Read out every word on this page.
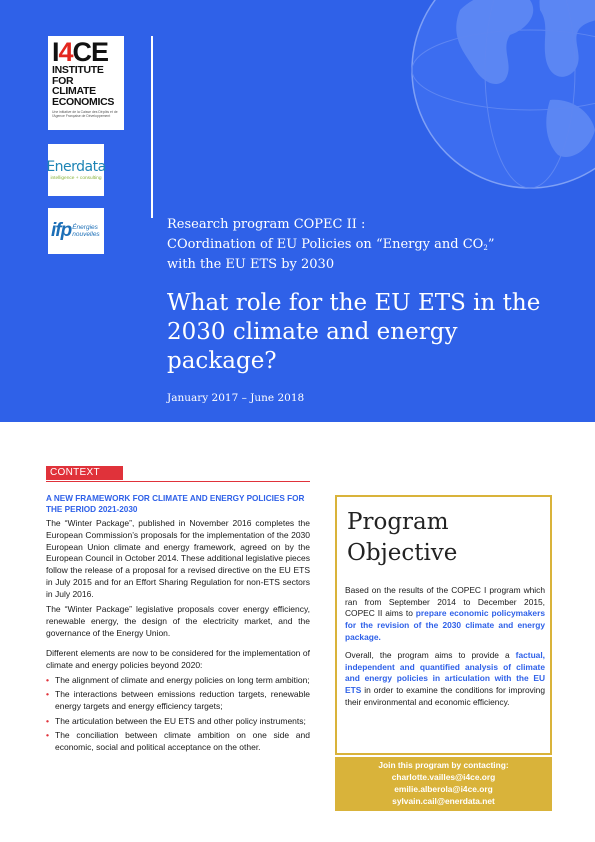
I4CE
INSTITUTE FOR
CLIMATE
ECONOMICS
Une initiative de la Caisse des Dépôts et de l'Agence Française de Développement
Enerdata
intelligence + consulting
ifp Énergies
nouvelles
Research program COPEC II :
COordination of EU Policies on “Energy and CO2”
with the EU ETS by 2030
What role for the EU ETS in the 2030 climate and energy package?
January 2017 – June 2018
CONTEXT
A NEW FRAMEWORK FOR CLIMATE AND ENERGY POLICIES FOR THE PERIOD 2021-2030

The “Winter Package”, published in November 2016 completes the European Commission’s proposals for the implementation of the 2030 European Union climate and energy framework, agreed on by the European Council in October 2014. These additional legislative pieces follow the release of a proposal for a revised directive on the EU ETS in July 2015 and for an Effort Sharing Regulation for non-ETS sectors in July 2016.

The “Winter Package” legislative proposals cover energy efficiency, renewable energy, the design of the electricity market, and the governance of the Energy Union.

Different elements are now to be considered for the implementation of climate and energy policies beyond 2020:

• The alignment of climate and energy policies on long term ambition;
• The interactions between emissions reduction targets, renewable energy targets and energy efficiency targets;
• The articulation between the EU ETS and other policy instruments;
• The conciliation between climate ambition on one side and economic, social and political acceptance on the other.
Program
Objective

Based on the results of the COPEC I program which ran from September 2014 to December 2015, COPEC II aims to prepare economic policymakers for the revision of the 2030 climate and energy package.

Overall, the program aims to provide a factual, independent and quantified analysis of climate and energy policies in articulation with the EU ETS in order to examine the conditions for improving their environmental and economic efficiency.

Join this program by contacting:
charlotte.vailles@i4ce.org
emilie.alberola@i4ce.org
sylvain.cail@enerdata.net
